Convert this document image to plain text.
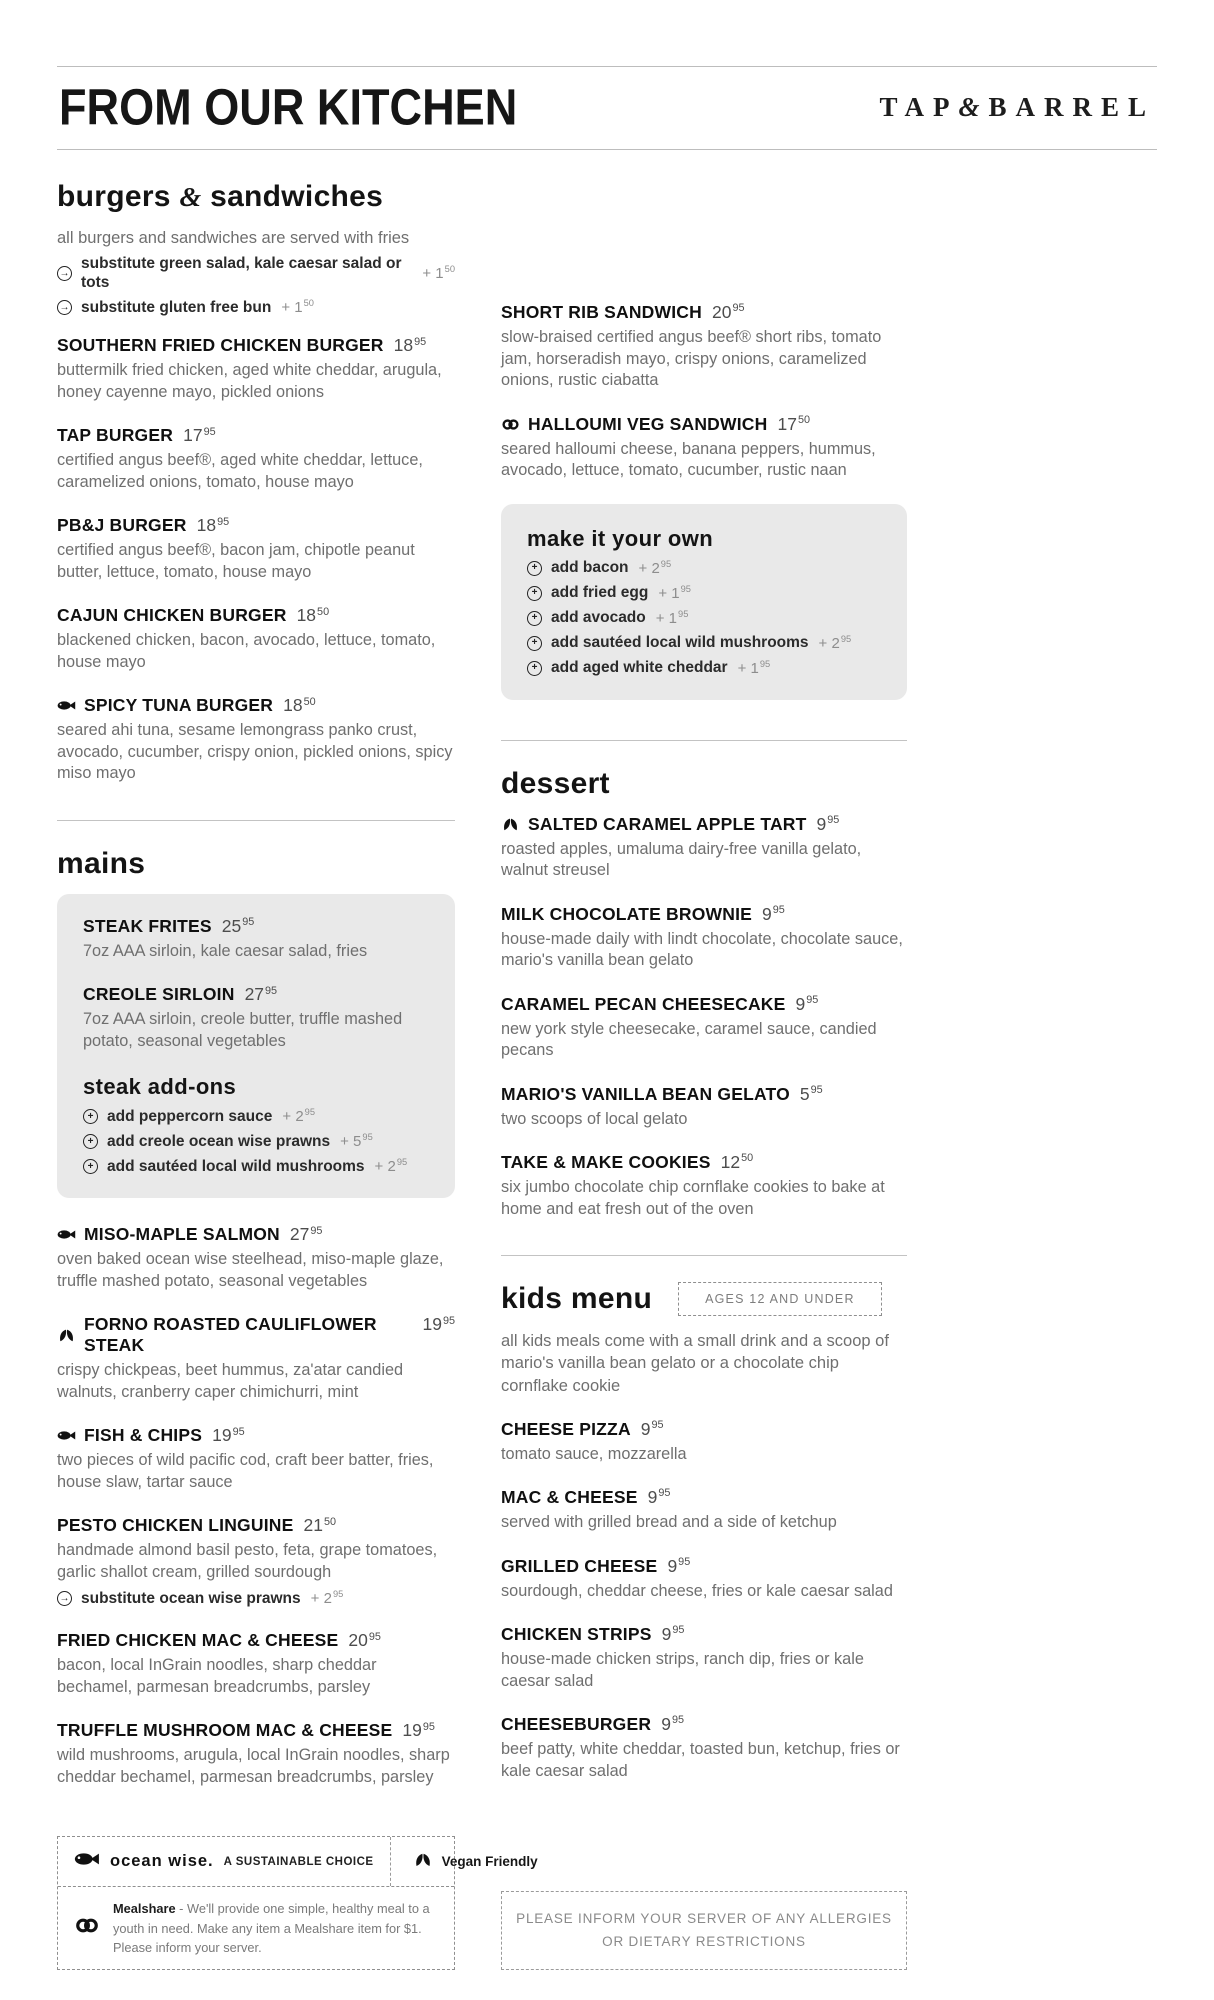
FROM OUR KITCHEN	TAP&BARREL
burgers & sandwiches

all burgers and sandwiches are served with fries

→
substitute green salad, kale caesar salad or tots	+ $1^{50}$
→ substitute gluten free bun + $1^{50}$
SOUTHERN FRIED CHICKEN BURGER $18^{95}$
buttermilk fried chicken, aged white cheddar, arugula, honey cayenne mayo, pickled onions
TAP BURGER $17^{95}$
certified angus beef®, aged white cheddar, lettuce, caramelized onions, tomato, house mayo
PB&J BURGER $18^{95}$
certified angus beef®, bacon jam, chipotle peanut butter, lettuce, tomato, house mayo
CAJUN CHICKEN BURGER $18^{50}$
blackened chicken, bacon, avocado, lettuce, tomato, house mayo
SPICY TUNA BURGER $18^{50}$
seared ahi tuna, sesame lemongrass panko crust, avocado, cucumber, crispy onion, pickled onions, spicy miso mayo
mains
STEAK FRITES $25^{95}$
7oz AAA sirloin, kale caesar salad, fries
CREOLE SIRLOIN $27^{95}$
7oz AAA sirloin, creole butter, truffle mashed potato, seasonal vegetables
steak add-ons
+ add peppercorn sauce + $2^{95}$
+ add creole ocean wise prawns + $5^{95}$
+ add sautéed local wild mushrooms + $2^{95}$
MISO-MAPLE SALMON $27^{95}$
oven baked ocean wise steelhead, miso-maple glaze, truffle mashed potato, seasonal vegetables
FORNO ROASTED CAULIFLOWER STEAK
$19^{95}$
crispy chickpeas, beet hummus, za'atar candied walnuts, cranberry caper chimichurri, mint
FISH & CHIPS $19^{95}$
two pieces of wild pacific cod, craft beer batter, fries, house slaw, tartar sauce
PESTO CHICKEN LINGUINE $21^{50}$
handmade almond basil pesto, feta, grape tomatoes, garlic shallot cream, grilled sourdough
→ substitute ocean wise prawns + $2^{95}$
FRIED CHICKEN MAC & CHEESE $20^{95}$
bacon, local InGrain noodles, sharp cheddar bechamel, parmesan breadcrumbs, parsley
TRUFFLE MUSHROOM MAC & CHEESE $19^{95}$
wild mushrooms, arugula, local InGrain noodles, sharp cheddar bechamel, parmesan breadcrumbs, parsley
ocean wise. A SUSTAINABLE CHOICE	Vegan Friendly
Mealshare - We'll provide one simple, healthy meal to a youth in need. Make any item a Mealshare item for $1. Please inform your server.
SHORT RIB SANDWICH $20^{95}$
slow-braised certified angus beef® short ribs, tomato jam, horseradish mayo, crispy onions, caramelized onions, rustic ciabatta
HALLOUMI VEG SANDWICH $17^{50}$
seared halloumi cheese, banana peppers, hummus, avocado, lettuce, tomato, cucumber, rustic naan
make it your own
+ add bacon + $2^{95}$
+ add fried egg + $1^{95}$
+ add avocado + $1^{95}$
+ add sautéed local wild mushrooms + $2^{95}$
+ add aged white cheddar + $1^{95}$
dessert
SALTED CARAMEL APPLE TART $9^{95}$
roasted apples, umaluma dairy-free vanilla gelato, walnut streusel
MILK CHOCOLATE BROWNIE $9^{95}$
house-made daily with lindt chocolate, chocolate sauce, mario's vanilla bean gelato
CARAMEL PECAN CHEESECAKE $9^{95}$
new york style cheesecake, caramel sauce, candied pecans
MARIO'S VANILLA BEAN GELATO $5^{95}$
two scoops of local gelato
TAKE & MAKE COOKIES $12^{50}$
six jumbo chocolate chip cornflake cookies to bake at home and eat fresh out of the oven
kids menu	AGES 12 AND UNDER

all kids meals come with a small drink and a scoop of mario's vanilla bean gelato or a chocolate chip cornflake cookie

CHEESE PIZZA $9^{95}$
tomato sauce, mozzarella
MAC & CHEESE $9^{95}$
served with grilled bread and a side of ketchup
GRILLED CHEESE $9^{95}$
sourdough, cheddar cheese, fries or kale caesar salad
CHICKEN STRIPS $9^{95}$
house-made chicken strips, ranch dip, fries or kale caesar salad
CHEESEBURGER $9^{95}$
beef patty, white cheddar, toasted bun, ketchup, fries or kale caesar salad
PLEASE INFORM YOUR SERVER OF ANY ALLERGIES
OR DIETARY RESTRICTIONS
